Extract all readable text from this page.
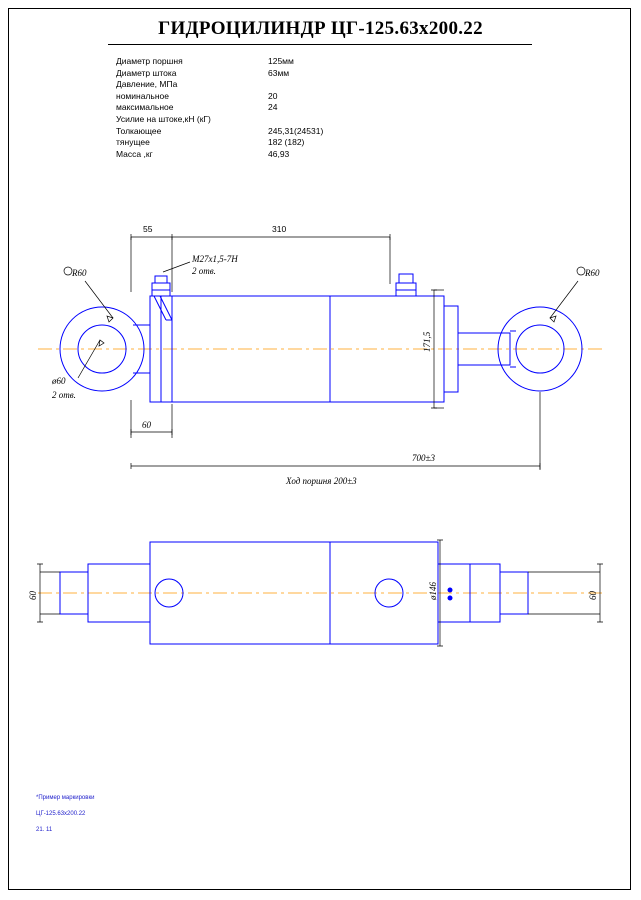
ГИДРОЦИЛИНДР ЦГ-125.63х200.22
Диаметр поршня	125мм
Диаметр штока	63мм
Давление, МПа	
номинальное	20
максимальное	24
Усилие на штоке,кН (кГ)	
Толкающее	245,31(24531)
тянущее	182 (182)
Масса ,кг	46,93
55	310
M27x1,5-7H
2 отв.
R60	R60
ø60
2 отв.
171,5
60
700±3
Ход поршня 200±3
60	60
ø146
*Пример маркировки
ЦГ-125.63х200.22
21. 11
